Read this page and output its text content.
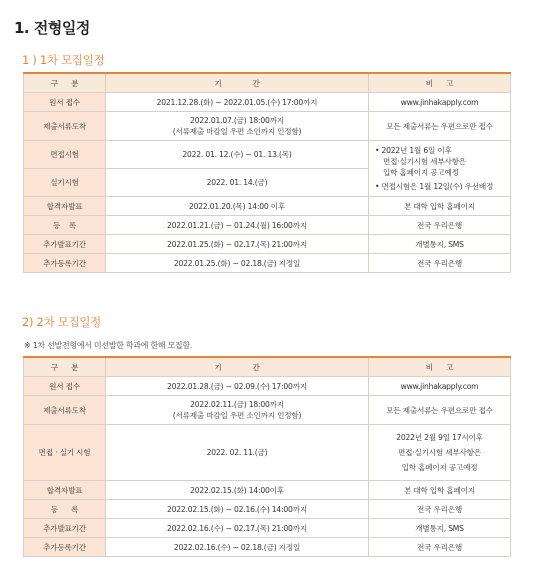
1. 전형일정
1 ) 1차 모집일정
구      분	기              간	비      고
원서 접수	2021.12.28.(화) ~ 2022.01.05.(수) 17:00까지	www.jinhakapply.com
제출서류도착	2022.01.07.(금) 18:00까지
(서류제출 마감일 우편 소인까지 인정함)	모든 제출서류는 우편으로만 접수
면접시험	2022. 01. 12.(수) ~ 01. 13.(목)	• 2022년 1월 6일 이후
면접·실기시험 세부사항은
입학 홈페이지 공고예정
• 면접시험은 1월 12일(수) 우선배정

실기시험	2022. 01. 14.(금)	
합격자발표	2022.01.20.(목) 14:00 이후	본 대학 입학 홈페이지
등    록	2022.01.21.(금) ~ 01.24.(월) 16:00까지	전국 우리은행
추가발표기간	2022.01.25.(화) ~ 02.17.(목) 21:00까지	개별통지, SMS
추가등록기간	2022.01.25.(화) ~ 02.18.(금) 지정일	전국 우리은행
2) 2차 모집일정
※ 1차 선발전형에서 미선발한 학과에 한해 모집함.
구      분	기              간	비      고
원서 접수	2022.01.28.(금) ~ 02.09.(수) 17:00까지	www.jinhakapply.com
제출서류도착	2022.02.11.(금) 18:00까지
(서류제출 마감일 우편 소인까지 인정함)	모든 제출서류는 우편으로만 접수
면접 · 실기 시험	2022. 02. 11.(금)	2022년 2월 9일 17시이후
면접·실기시험 세부사항은
입학 홈페이지 공고예정

합격자발표	2022.02.15.(화) 14:00이후	본 대학 입학 홈페이지
등      록	2022.02.15.(화) ~ 02.16.(수) 14:00까지	전국 우리은행
추가발표기간	2022.02.16.(수) ~ 02.17.(목) 21:00까지	개별통지, SMS
추가등록기간	2022.02.16.(수) ~ 02.18.(금) 지정일	전국 우리은행
